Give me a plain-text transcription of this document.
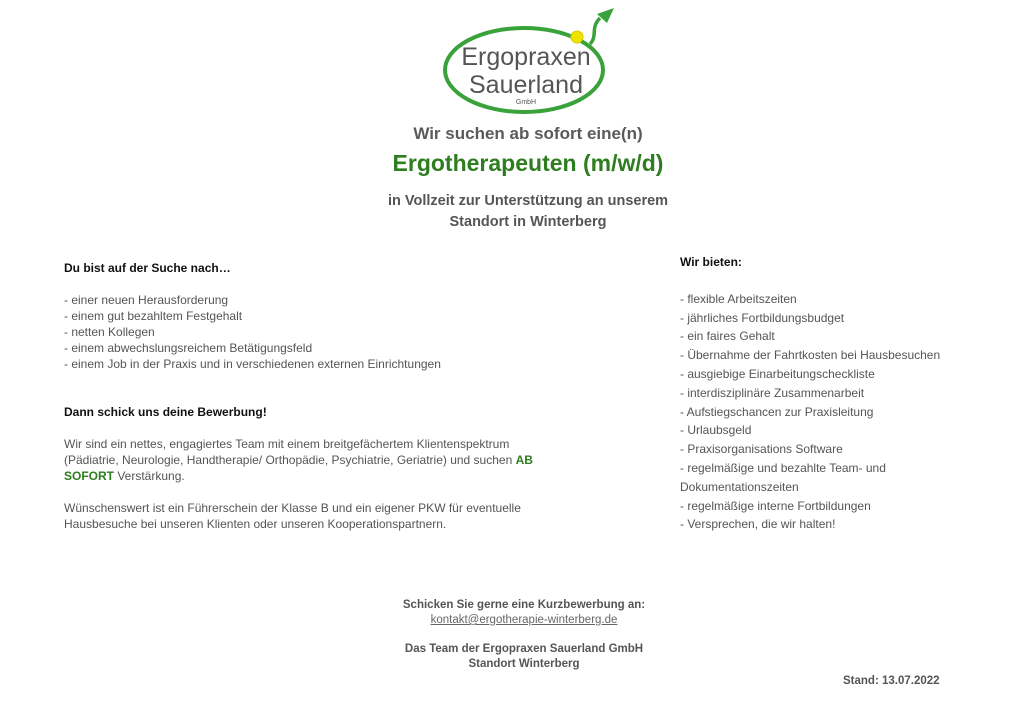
Ergopraxen
Sauerland
GmbH
Wir suchen ab sofort eine(n)
Ergotherapeuten (m/w/d)
in Vollzeit zur Unterstützung an unserem
Standort in Winterberg
Du bist auf der Suche nach…
- einer neuen Herausforderung
- einem gut bezahltem Festgehalt
- netten Kollegen
- einem abwechslungsreichem Betätigungsfeld
- einem Job in der Praxis und in verschiedenen externen Einrichtungen
Dann schick uns deine Bewerbung!
Wir sind ein nettes, engagiertes Team mit einem breitgefächertem Klientenspektrum (Pädiatrie, Neurologie, Handtherapie/ Orthopädie, Psychiatrie, Geriatrie) und suchen AB SOFORT Verstärkung.
Wünschenswert ist ein Führerschein der Klasse B und ein eigener PKW für eventuelle Hausbesuche bei unseren Klienten oder unseren Kooperationspartnern.
Wir bieten:
- flexible Arbeitszeiten
- jährliches Fortbildungsbudget
- ein faires Gehalt
- Übernahme der Fahrtkosten bei Hausbesuchen
- ausgiebige Einarbeitungscheckliste
- interdisziplinäre Zusammenarbeit
- Aufstiegschancen zur Praxisleitung
- Urlaubsgeld
- Praxisorganisations Software
- regelmäßige und bezahlte Team- und
Dokumentationszeiten
- regelmäßige interne Fortbildungen
- Versprechen, die wir halten!
Schicken Sie gerne eine Kurzbewerbung an:
kontakt@ergotherapie-winterberg.de
Das Team der Ergopraxen Sauerland GmbH
Standort Winterberg
Stand: 13.07.2022
